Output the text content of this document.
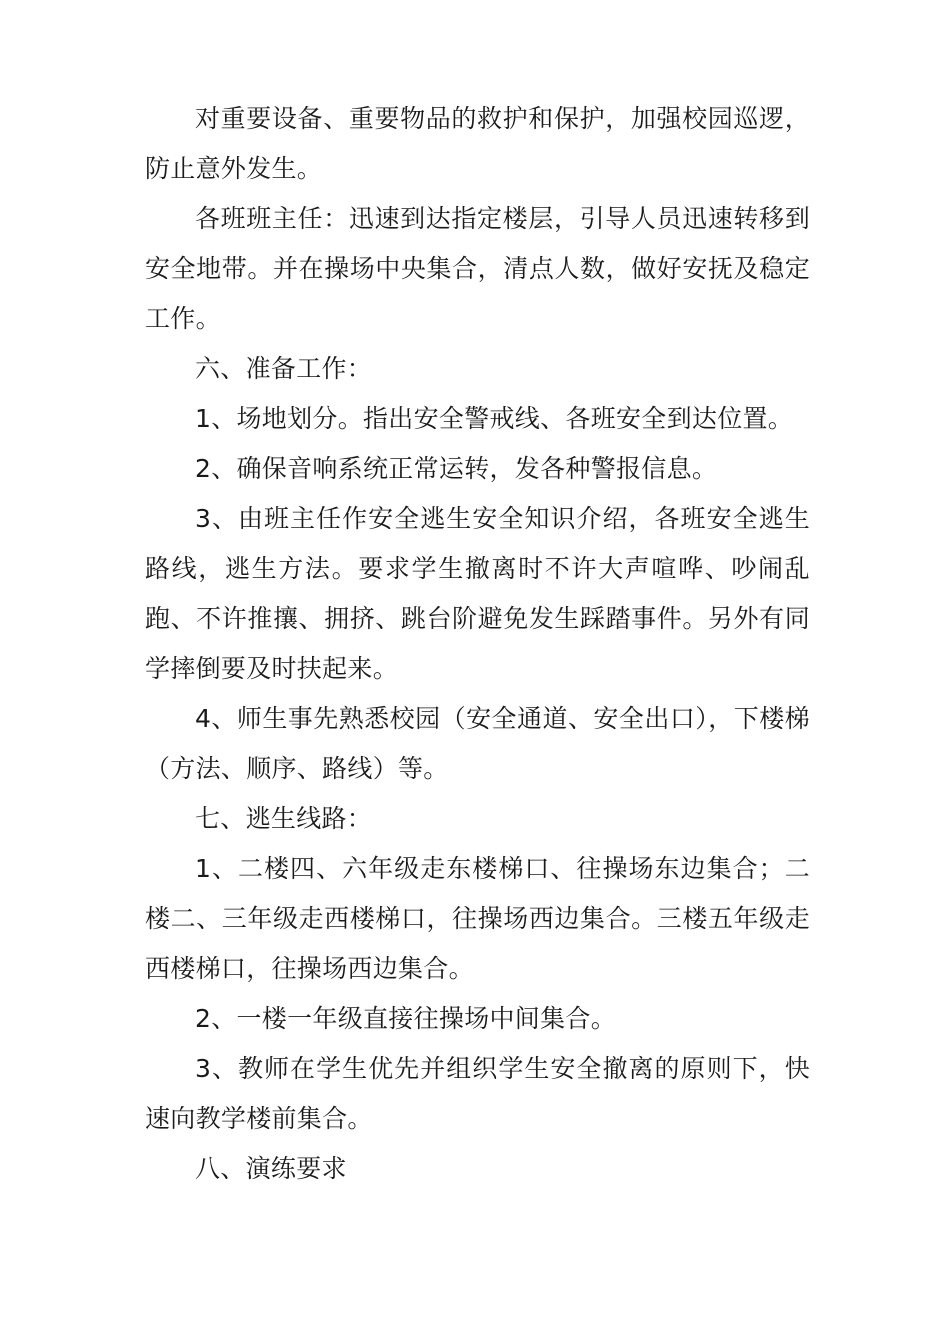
对重要设备、重要物品的救护和保护，加强校园巡逻，防止意外发生。

各班班主任：迅速到达指定楼层，引导人员迅速转移到安全地带。并在操场中央集合，清点人数，做好安抚及稳定工作。

六、准备工作：

1、场地划分。指出安全警戒线、各班安全到达位置。

2、确保音响系统正常运转，发各种警报信息。

3、由班主任作安全逃生安全知识介绍，各班安全逃生路线，逃生方法。要求学生撤离时不许大声喧哗、吵闹乱跑、不许推攘、拥挤、跳台阶避免发生踩踏事件。另外有同学摔倒要及时扶起来。

4、师生事先熟悉校园（安全通道、安全出口），下楼梯（方法、顺序、路线）等。

七、逃生线路：

1、二楼四、六年级走东楼梯口、往操场东边集合；二楼二、三年级走西楼梯口，往操场西边集合。三楼五年级走西楼梯口，往操场西边集合。

2、一楼一年级直接往操场中间集合。

3、教师在学生优先并组织学生安全撤离的原则下，快速向教学楼前集合。

八、演练要求
